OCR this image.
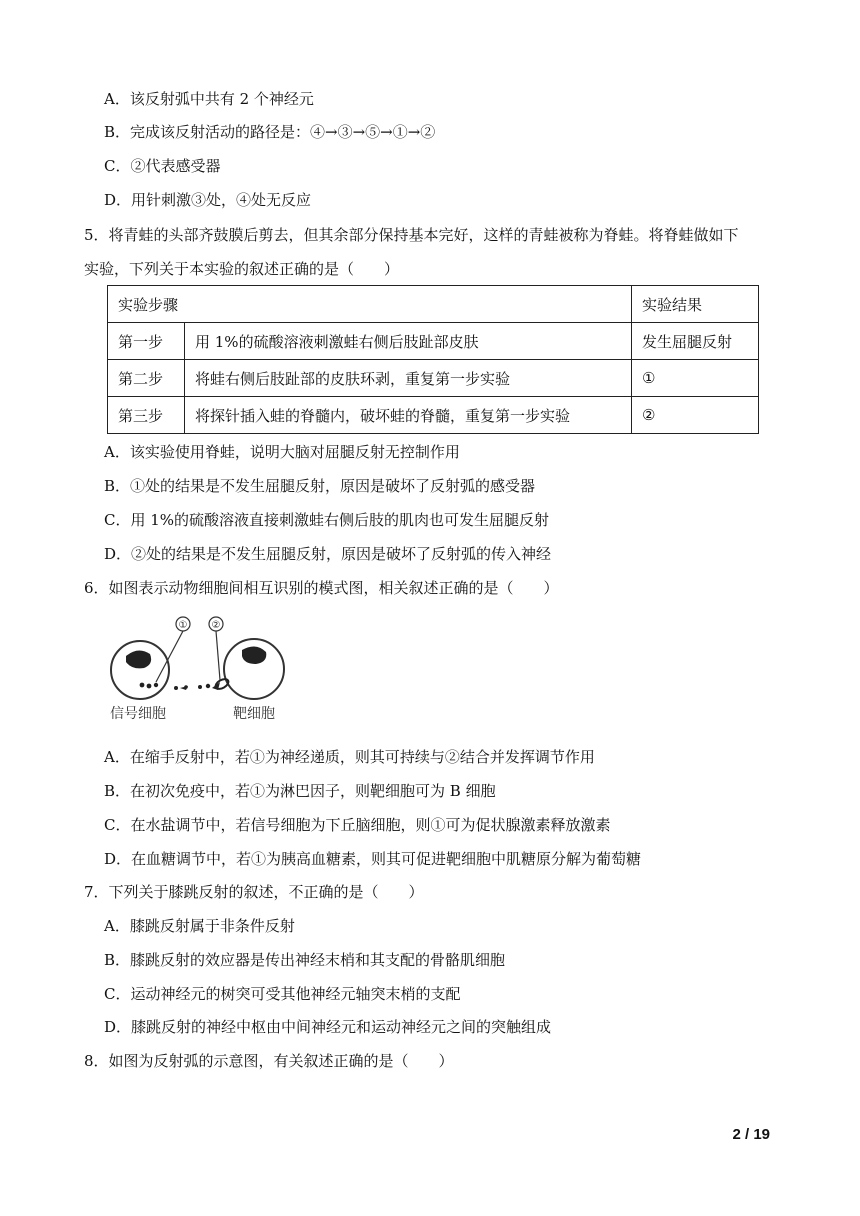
A．该反射弧中共有 2 个神经元
B．完成该反射活动的路径是：④→③→⑤→①→②
C．②代表感受器
D．用针刺激③处，④处无反应
5．将青蛙的头部齐鼓膜后剪去，但其余部分保持基本完好，这样的青蛙被称为脊蛙。将脊蛙做如下
实验，下列关于本实验的叙述正确的是（　　）
实验步骤		实验结果
第一步	用 1%的硫酸溶液刺激蛙右侧后肢趾部皮肤	发生屈腿反射
第二步	将蛙右侧后肢趾部的皮肤环剥，重复第一步实验	①
第三步	将探针插入蛙的脊髓内，破坏蛙的脊髓，重复第一步实验	②
A．该实验使用脊蛙，说明大脑对屈腿反射无控制作用
B．①处的结果是不发生屈腿反射，原因是破坏了反射弧的感受器
C．用 1%的硫酸溶液直接刺激蛙右侧后肢的肌肉也可发生屈腿反射
D．②处的结果是不发生屈腿反射，原因是破坏了反射弧的传入神经
6．如图表示动物细胞间相互识别的模式图，相关叙述正确的是（　　）
① ②
信号细胞	靶细胞
A．在缩手反射中，若①为神经递质，则其可持续与②结合并发挥调节作用
B．在初次免疫中，若①为淋巴因子，则靶细胞可为 B 细胞
C．在水盐调节中，若信号细胞为下丘脑细胞，则①可为促状腺激素释放激素
D．在血糖调节中，若①为胰高血糖素，则其可促进靶细胞中肌糖原分解为葡萄糖
7．下列关于膝跳反射的叙述，不正确的是（　　）
A．膝跳反射属于非条件反射
B．膝跳反射的效应器是传出神经末梢和其支配的骨骼肌细胞
C．运动神经元的树突可受其他神经元轴突末梢的支配
D．膝跳反射的神经中枢由中间神经元和运动神经元之间的突触组成
8．如图为反射弧的示意图，有关叙述正确的是（　　）
2 / 19
